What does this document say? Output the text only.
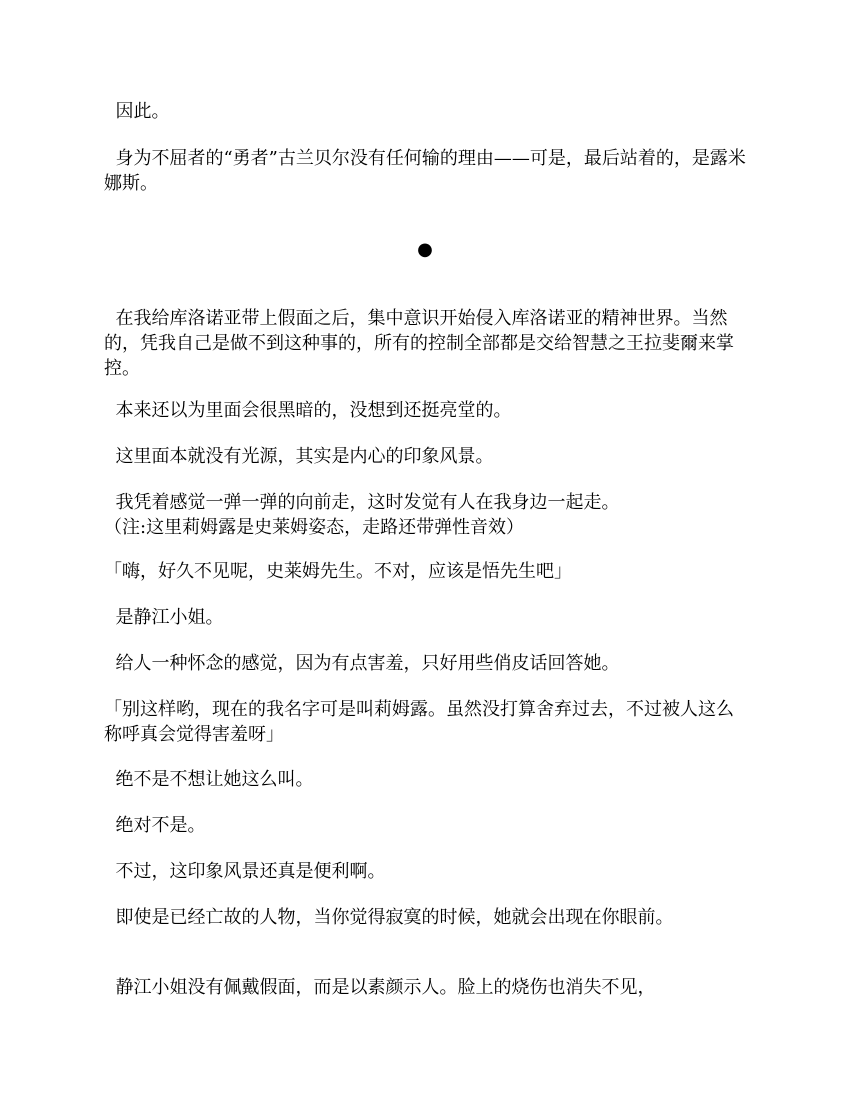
因此。

身为不屈者的“勇者”古兰贝尔没有任何输的理由——可是，最后站着的，是露米娜斯。

●

在我给库洛诺亚带上假面之后，集中意识开始侵入库洛诺亚的精神世界。当然的，凭我自己是做不到这种事的，所有的控制全部都是交给智慧之王拉斐爾来掌控。

本来还以为里面会很黑暗的，没想到还挺亮堂的。

这里面本就没有光源，其实是内心的印象风景。

我凭着感觉一弹一弹的向前走，这时发觉有人在我身边一起走。
（注:这里莉姆露是史莱姆姿态，走路还带弹性音效）

「嗨，好久不见呢，史莱姆先生。不对，应该是悟先生吧」

是静江小姐。

给人一种怀念的感觉，因为有点害羞，只好用些俏皮话回答她。

「别这样哟，现在的我名字可是叫莉姆露。虽然没打算舍弃过去，不过被人这么称呼真会觉得害羞呀」

绝不是不想让她这么叫。

绝对不是。

不过，这印象风景还真是便利啊。

即使是已经亡故的人物，当你觉得寂寞的时候，她就会出现在你眼前。

静江小姐没有佩戴假面，而是以素颜示人。脸上的烧伤也消失不见，
